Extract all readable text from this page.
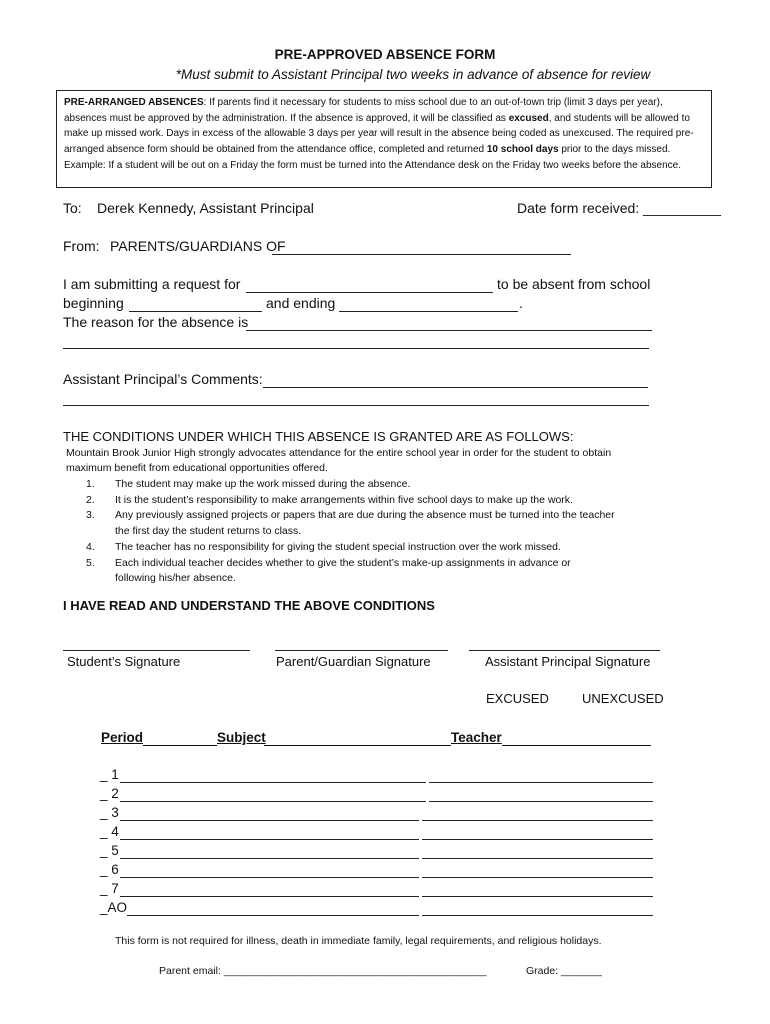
PRE-APPROVED ABSENCE FORM
*Must submit to Assistant Principal two weeks in advance of absence for review

PRE-ARRANGED ABSENCES: If parents find it necessary for students to miss school due to an out-of-town trip (limit 3 days per year), absences must be approved by the administration. If the absence is approved, it will be classified as excused, and students will be allowed to make up missed work. Days in excess of the allowable 3 days per year will result in the absence being coded as unexcused. The required pre-arranged absence form should be obtained from the attendance office, completed and returned 10 school days prior to the days missed. Example: If a student will be out on a Friday the form must be turned into the Attendance desk on the Friday two weeks before the absence.

To: Derek Kennedy, Assistant Principal	Date form received: __________
From: PARENTS/GUARDIANS OF
I am submitting a request for	to be absent from school
beginning	and ending	.
The reason for the absence is
Assistant Principal’s Comments:
THE CONDITIONS UNDER WHICH THIS ABSENCE IS GRANTED ARE AS FOLLOWS:
Mountain Brook Junior High strongly advocates attendance for the entire school year in order for the student to obtain
maximum benefit from educational opportunities offered.
1. The student may make up the work missed during the absence.
2. It is the student’s responsibility to make arrangements within five school days to make up the work.
3. Any previously assigned projects or papers that are due during the absence must be turned into the teacher the first day the student returns to class.
4. The teacher has no responsibility for giving the student special instruction over the work missed.
5. Each individual teacher decides whether to give the student’s make-up assignments in advance or following his/her absence.
I HAVE READ AND UNDERSTAND THE ABOVE CONDITIONS
Student’s Signature	Parent/Guardian Signature	Assistant Principal Signature
EXCUSED	UNEXCUSED
Period	Subject	Teacher
_ 1
_ 2
_ 3
_ 4
_ 5
_ 6
_ 7
_AO
This form is not required for illness, death in immediate family, legal requirements, and religious holidays.
Parent email: _____________________________________________	Grade: _______
